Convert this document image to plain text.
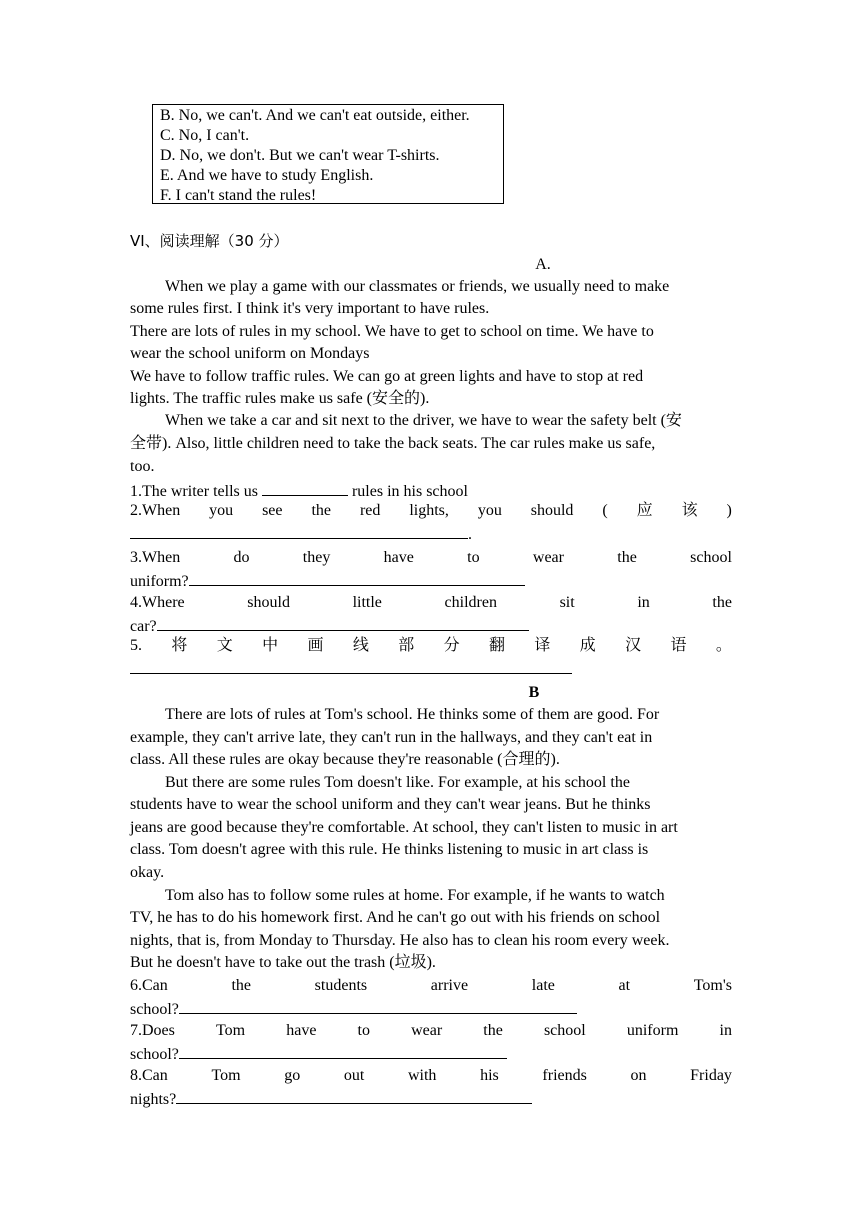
B. No, we can't. And we can't eat outside, either.
C. No, I can't.
D. No, we don't. But we can't wear T-shirts.
E. And we have to study English.
F. I can't stand the rules!
VI、阅读理解（30 分）
A.
When we play a game with our classmates or friends, we usually need to make
some rules first. I think it's very important to have rules.
There are lots of rules in my school. We have to get to school on time. We have to
wear the school uniform on Mondays
We have to follow traffic rules. We can go at green lights and have to stop at red
lights. The traffic rules make us safe (安全的).
When we take a car and sit next to the driver, we have to wear the safety belt (安
全带). Also, little children need to take the back seats. The car rules make us safe,
too.
1.The writer tells us	rules in his school
2.When you see the red lights, you should ( 应 该 )
.
3.When	do	they	have	to	wear	the	school
uniform?
4.Where	should	little	children	sit	in	the
car?
5. 将 文 中 画 线 部 分 翻 译 成 汉 语 。
B
There are lots of rules at Tom's school. He thinks some of them are good. For
example, they can't arrive late, they can't run in the hallways, and they can't eat in
class. All these rules are okay because they're reasonable (合理的).
But there are some rules Tom doesn't like. For example, at his school the
students have to wear the school uniform and they can't wear jeans. But he thinks
jeans are good because they're comfortable. At school, they can't listen to music in art
class. Tom doesn't agree with this rule. He thinks listening to music in art class is
okay.
Tom also has to follow some rules at home. For example, if he wants to watch
TV, he has to do his homework first. And he can't go out with his friends on school
nights, that is, from Monday to Thursday. He also has to clean his room every week.
But he doesn't have to take out the trash (垃圾).
6.Can	the	students	arrive	late	at	Tom's
school?
7.Does	Tom	have	to	wear	the	school	uniform	in
school?
8.Can	Tom	go	out	with	his	friends	on	Friday
nights?
